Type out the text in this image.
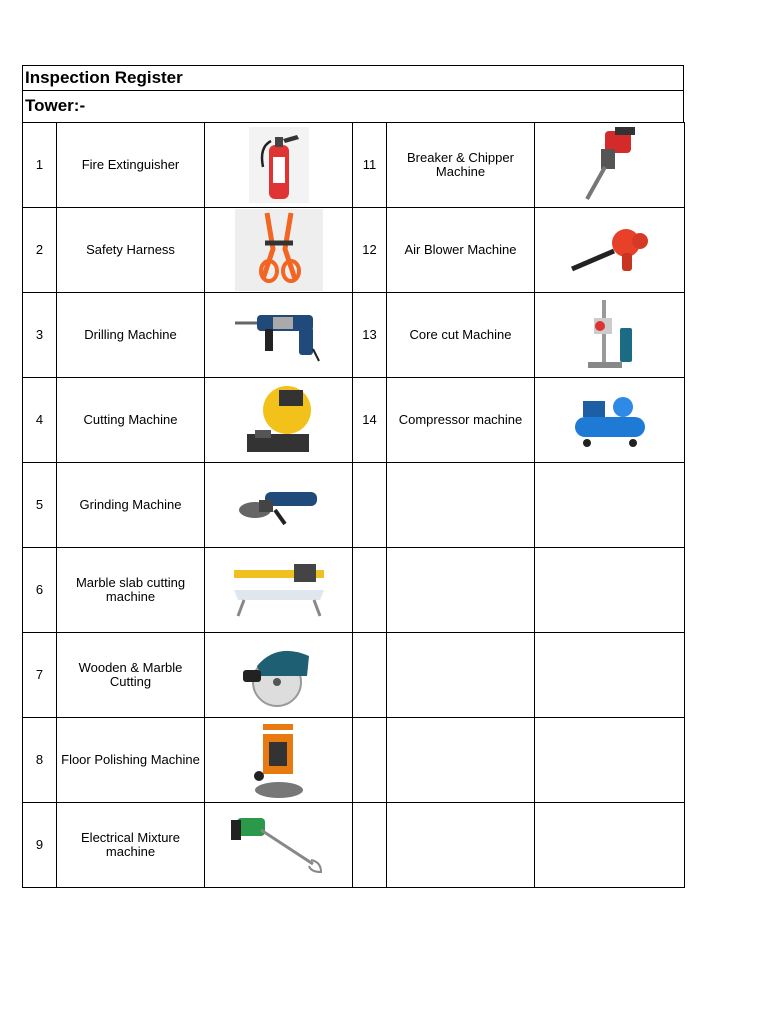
Inspection Register
Tower:-
1	Fire Extinguisher		11	Breaker & Chipper Machine	

2	Safety Harness		12	Air Blower Machine	

3	Drilling Machine		13	Core cut Machine	

4	Cutting Machine		14	Compressor machine	

5	Grinding Machine	

6	Marble slab cutting machine	

7	Wooden & Marble Cutting	

8	Floor Polishing Machine	

9	Electrical Mixture machine	
